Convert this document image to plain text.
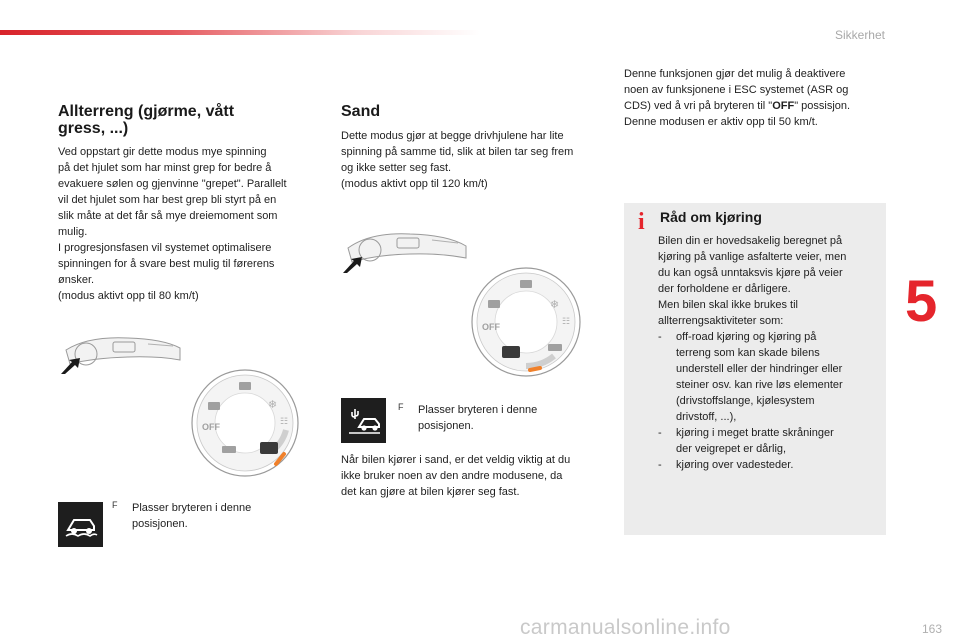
Sikkerhet
5
Allterreng (gjørme, vått
gress, ...)
Ved oppstart gir dette modus mye spinning
på det hjulet som har minst grep for bedre å
evakuere sølen og gjenvinne "grepet". Parallelt
vil det hjulet som har best grep bli styrt på en
slik måte at det får så mye dreiemoment som
mulig.
I progresjonsfasen vil systemet optimalisere
spinningen for å svare best mulig til førerens
ønsker.
(modus aktivt opp til 80 km/t)
❄
☷
OFF
F Plasser bryteren i denne
posisjonen.
Sand
Dette modus gjør at begge drivhjulene har lite
spinning på samme tid, slik at bilen tar seg frem
og ikke setter seg fast.
(modus aktivt opp til 120 km/t)
❄
☷
OFF
F Plasser bryteren i denne
posisjonen.
Når bilen kjører i sand, er det veldig viktig at du
ikke bruker noen av den andre modusene, da
det kan gjøre at bilen kjører seg fast.
Denne funksjonen gjør det mulig å deaktivere
noen av funksjonene i ESC systemet (ASR og
CDS) ved å vri på bryteren til "OFF" possisjon.
Denne modusen er aktiv opp til 50 km/t.
i Råd om kjøring
Bilen din er hovedsakelig beregnet på
kjøring på vanlige asfalterte veier, men
du kan også unntaksvis kjøre på veier
der forholdene er dårligere.
Men bilen skal ikke brukes til
allterrengsaktiviteter som:
- off-road kjøring og kjøring på
terreng som kan skade bilens
understell eller der hindringer eller
steiner osv. kan rive løs elementer
(drivstoffslange, kjølesystem
drivstoff, ...),
- kjøring i meget bratte skråninger
der veigrepet er dårlig,
- kjøring over vadesteder.
carmanualsonline.info	163
